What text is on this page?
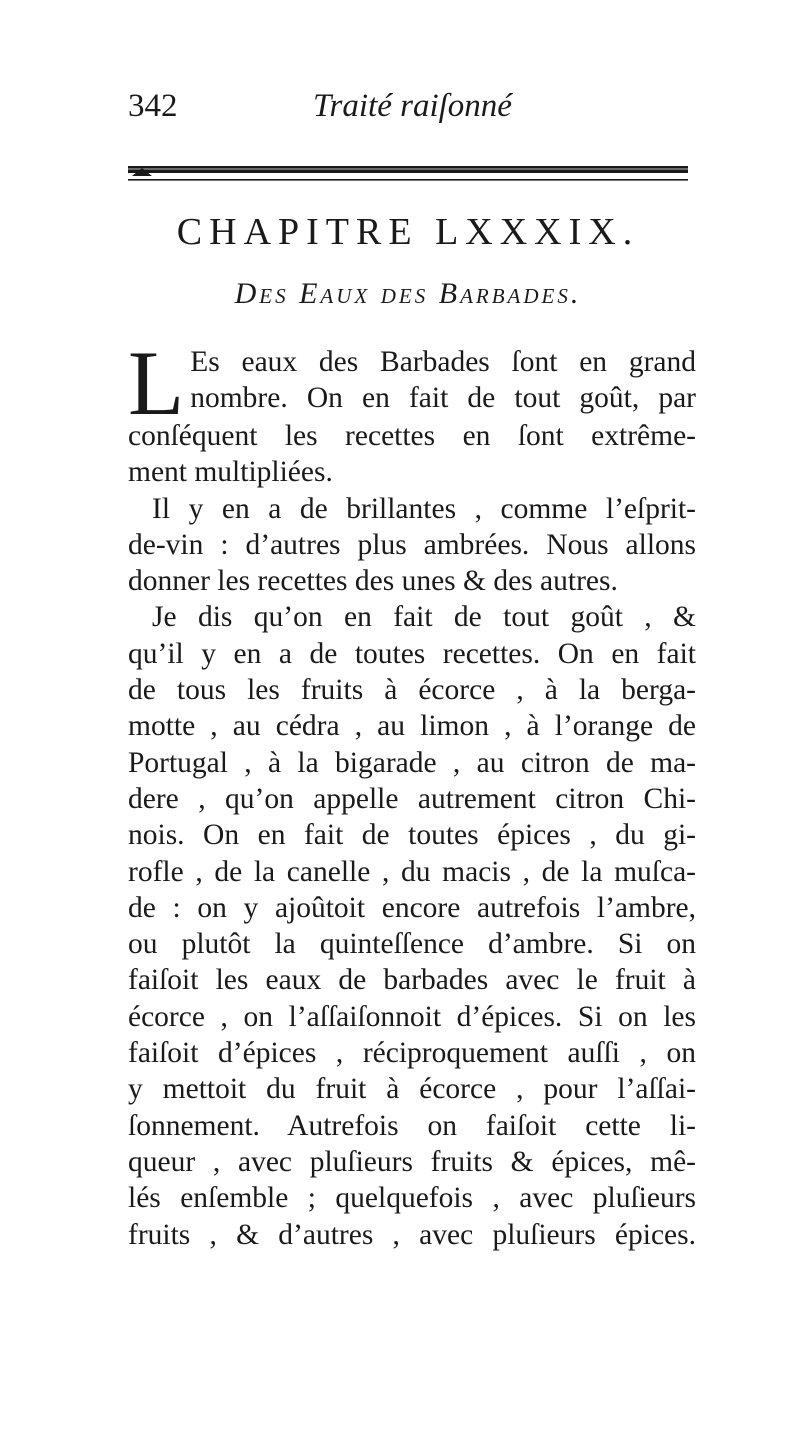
342	Traité raiſonné
CHAPITRE LXXXIX.
Des Eaux des Barbades.
L Es eaux des Barbades ſont en grand
nombre. On en fait de tout goût, par
conſéquent les recettes en ſont extrême-
ment multipliées.
Il y en a de brillantes , comme l’eſprit-
de-vin : d’autres plus ambrées. Nous allons
donner les recettes des unes & des autres.
Je dis qu’on en fait de tout goût , &
qu’il y en a de toutes recettes. On en fait
de tous les fruits à écorce , à la berga-
motte , au cédra , au limon , à l’orange de
Portugal , à la bigarade , au citron de ma-
dere , qu’on appelle autrement citron Chi-
nois. On en fait de toutes épices , du gi-
rofle , de la canelle , du macis , de la muſca-
de : on y ajoûtoit encore autrefois l’ambre,
ou plutôt la quinteſſence d’ambre. Si on
faiſoit les eaux de barbades avec le fruit à
écorce , on l’aſſaiſonnoit d’épices. Si on les
faiſoit d’épices , réciproquement auſſi , on
y mettoit du fruit à écorce , pour l’aſſai-
ſonnement. Autrefois on faiſoit cette li-
queur , avec pluſieurs fruits & épices, mê-
lés enſemble ; quelquefois , avec pluſieurs
fruits , & d’autres , avec pluſieurs épices.
